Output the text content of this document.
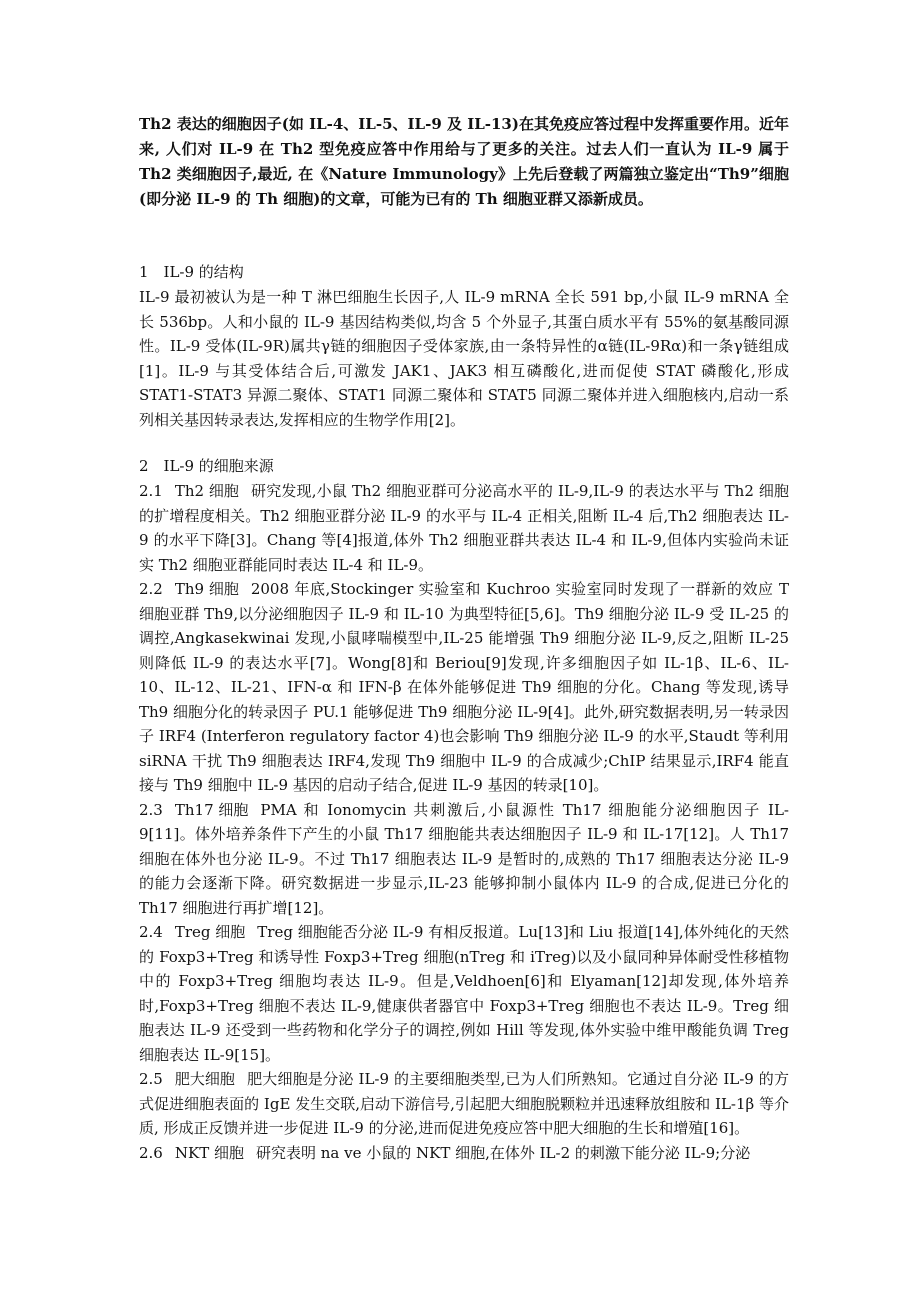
Th2 表达的细胞因子(如 IL-4、IL-5、IL-9 及 IL-13)在其免疫应答过程中发挥重要作用。近年来, 人们对 IL-9 在 Th2 型免疫应答中作用给与了更多的关注。过去人们一直认为 IL-9 属于 Th2 类细胞因子,最近, 在《Nature Immunology》上先后登载了两篇独立鉴定出“Th9”细胞(即分泌 IL-9 的 Th 细胞)的文章，可能为已有的 Th 细胞亚群又添新成员。

1　IL-9 的结构

IL-9 最初被认为是一种 T 淋巴细胞生长因子,人 IL-9 mRNA 全长 591 bp,小鼠 IL-9 mRNA 全长 536bp。人和小鼠的 IL-9 基因结构类似,均含 5 个外显子,其蛋白质水平有 55%的氨基酸同源性。IL-9 受体(IL-9R)属共γ链的细胞因子受体家族,由一条特异性的α链(IL-9Rα)和一条γ链组成[1]。IL-9 与其受体结合后,可激发 JAK1、JAK3 相互磷酸化,进而促使 STAT 磷酸化,形成 STAT1-STAT3 异源二聚体、STAT1 同源二聚体和 STAT5 同源二聚体并进入细胞核内,启动一系列相关基因转录表达,发挥相应的生物学作用[2]。

2　IL-9 的细胞来源

2.1 Th2 细胞 研究发现,小鼠 Th2 细胞亚群可分泌高水平的 IL-9,IL-9 的表达水平与 Th2 细胞的扩增程度相关。Th2 细胞亚群分泌 IL-9 的水平与 IL-4 正相关,阻断 IL-4 后,Th2 细胞表达 IL-9 的水平下降[3]。Chang 等[4]报道,体外 Th2 细胞亚群共表达 IL-4 和 IL-9,但体内实验尚未证实 Th2 细胞亚群能同时表达 IL-4 和 IL-9。

2.2 Th9 细胞 2008 年底,Stockinger 实验室和 Kuchroo 实验室同时发现了一群新的效应 T 细胞亚群 Th9,以分泌细胞因子 IL-9 和 IL-10 为典型特征[5,6]。Th9 细胞分泌 IL-9 受 IL-25 的调控,Angkasekwinai 发现,小鼠哮喘模型中,IL-25 能增强 Th9 细胞分泌 IL-9,反之,阻断 IL-25 则降低 IL-9 的表达水平[7]。Wong[8]和 Beriou[9]发现,许多细胞因子如 IL-1β、IL-6、IL-10、IL-12、IL-21、IFN-α 和 IFN-β 在体外能够促进 Th9 细胞的分化。Chang 等发现,诱导 Th9 细胞分化的转录因子 PU.1 能够促进 Th9 细胞分泌 IL-9[4]。此外,研究数据表明,另一转录因子 IRF4 (Interferon regulatory factor 4)也会影响 Th9 细胞分泌 IL-9 的水平,Staudt 等利用 siRNA 干扰 Th9 细胞表达 IRF4,发现 Th9 细胞中 IL-9 的合成减少;ChIP 结果显示,IRF4 能直接与 Th9 细胞中 IL-9 基因的启动子结合,促进 IL-9 基因的转录[10]。

2.3 Th17 细胞 PMA 和 Ionomycin 共刺激后,小鼠源性 Th17 细胞能分泌细胞因子 IL-9[11]。体外培养条件下产生的小鼠 Th17 细胞能共表达细胞因子 IL-9 和 IL-17[12]。人 Th17 细胞在体外也分泌 IL-9。不过 Th17 细胞表达 IL-9 是暂时的,成熟的 Th17 细胞表达分泌 IL-9 的能力会逐渐下降。研究数据进一步显示,IL-23 能够抑制小鼠体内 IL-9 的合成,促进已分化的 Th17 细胞进行再扩增[12]。

2.4 Treg 细胞 Treg 细胞能否分泌 IL-9 有相反报道。Lu[13]和 Liu 报道[14],体外纯化的天然的 Foxp3+Treg 和诱导性 Foxp3+Treg 细胞(nTreg 和 iTreg)以及小鼠同种异体耐受性移植物中的 Foxp3+Treg 细胞均表达 IL-9。但是,Veldhoen[6]和 Elyaman[12]却发现,体外培养时,Foxp3+Treg 细胞不表达 IL-9,健康供者器官中 Foxp3+Treg 细胞也不表达 IL-9。Treg 细胞表达 IL-9 还受到一些药物和化学分子的调控,例如 Hill 等发现,体外实验中维甲酸能负调 Treg 细胞表达 IL-9[15]。

2.5 肥大细胞 肥大细胞是分泌 IL-9 的主要细胞类型,已为人们所熟知。它通过自分泌 IL-9 的方式促进细胞表面的 IgE 发生交联,启动下游信号,引起肥大细胞脱颗粒并迅速释放组胺和 IL-1β 等介质, 形成正反馈并进一步促进 IL-9 的分泌,进而促进免疫应答中肥大细胞的生长和增殖[16]。

2.6 NKT 细胞 研究表明 na ve 小鼠的 NKT 细胞,在体外 IL-2 的刺激下能分泌 IL-9;分泌
